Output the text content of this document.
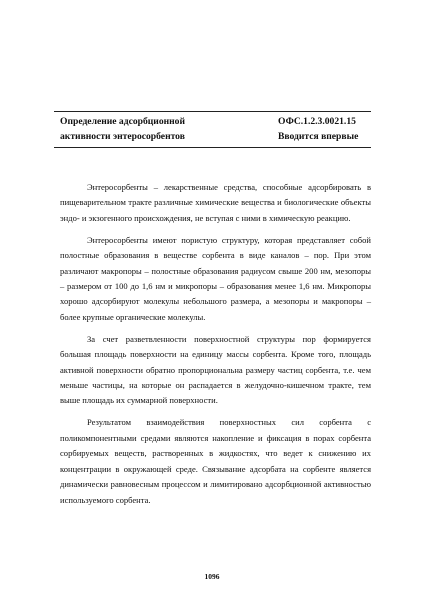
Определение адсорбционной
активности энтеросорбентов
ОФС.1.2.3.0021.15
Вводится впервые

Энтеросорбенты – лекарственные средства, способные адсорбировать в пищеварительном тракте различные химические вещества и биологические объекты эндо- и экзогенного происхождения, не вступая с ними в химическую реакцию.

Энтеросорбенты имеют пористую структуру, которая представляет собой полостные образования в веществе сорбента в виде каналов – пор. При этом различают макропоры – полостные образования радиусом свыше 200 нм, мезопоры – размером от 100 до 1,6 нм и микропоры – образования менее 1,6 нм. Микропоры хорошо адсорбируют молекулы небольшого размера, а мезопоры и макропоры – более крупные органические молекулы.

За счет разветвленности поверхностной структуры пор формируется большая площадь поверхности на единицу массы сорбента. Кроме того, площадь активной поверхности обратно пропорциональна размеру частиц сорбента, т.е. чем меньше частицы, на которые он распадается в желудочно-кишечном тракте, тем выше площадь их суммарной поверхности.

Результатом взаимодействия поверхностных сил сорбента с поликомпонентными средами являются накопление и фиксация в порах сорбента сорбируемых веществ, растворенных в жидкостях, что ведет к снижению их концентрации в окружающей среде. Связывание адсорбата на сорбенте является динамически равновесным процессом и лимитировано адсорбционной активностью используемого сорбента.

1096
